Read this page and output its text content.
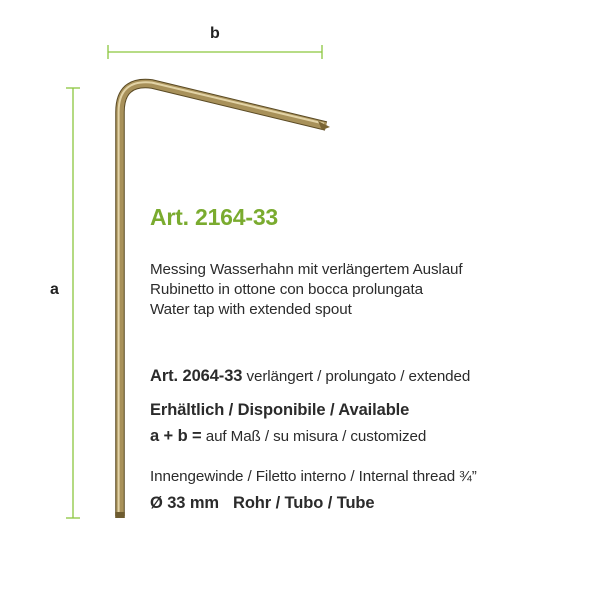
b
a
Art. 2164-33
Messing Wasserhahn mit verlängertem Auslauf
Rubinetto in ottone con bocca prolungata
Water tap with extended spout
Art. 2064-33 verlängert / prolungato / extended
Erhältlich / Disponibile / Available
a + b = auf Maß / su misura / customized
Innengewinde / Filetto interno / Internal thread ¾”
Ø 33 mm Rohr / Tubo / Tube
